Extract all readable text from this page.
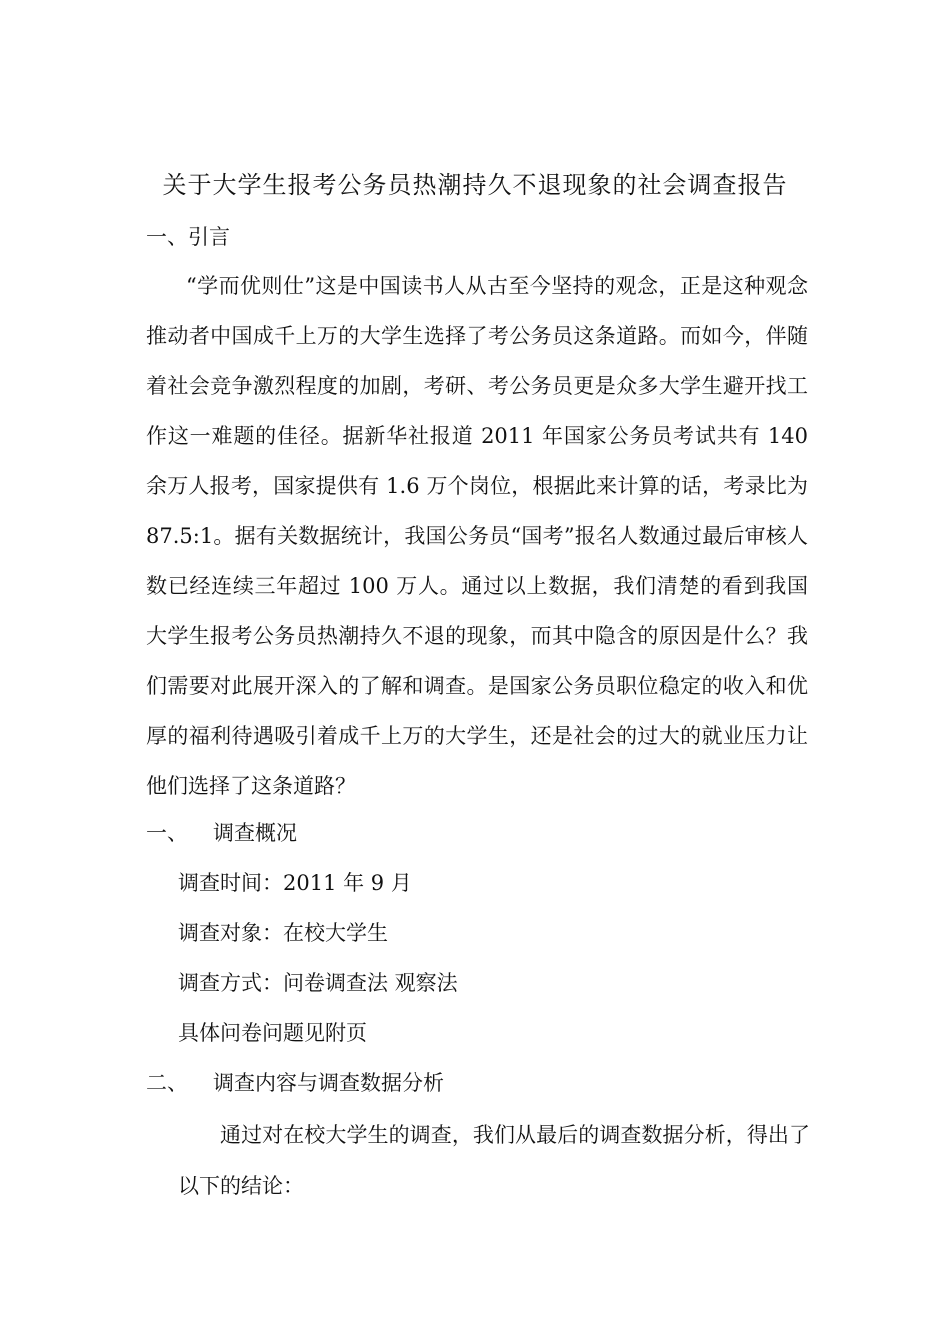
关于大学生报考公务员热潮持久不退现象的社会调查报告
一、引言

“学而优则仕”这是中国读书人从古至今坚持的观念，正是这种观念推动者中国成千上万的大学生选择了考公务员这条道路。而如今，伴随着社会竞争激烈程度的加剧，考研、考公务员更是众多大学生避开找工作这一难题的佳径。据新华社报道 2011 年国家公务员考试共有 140 余万人报考，国家提供有 1.6 万个岗位，根据此来计算的话，考录比为 87.5:1。据有关数据统计，我国公务员“国考”报名人数通过最后审核人数已经连续三年超过 100 万人。通过以上数据，我们清楚的看到我国大学生报考公务员热潮持久不退的现象，而其中隐含的原因是什么？我们需要对此展开深入的了解和调查。是国家公务员职位稳定的收入和优厚的福利待遇吸引着成千上万的大学生，还是社会的过大的就业压力让他们选择了这条道路？

一、 调查概况
调查时间：2011 年 9 月
调查对象：在校大学生
调查方式：问卷调查法 观察法
具体问卷问题见附页
二、 调查内容与调查数据分析

通过对在校大学生的调查，我们从最后的调查数据分析，得出了以下的结论：
